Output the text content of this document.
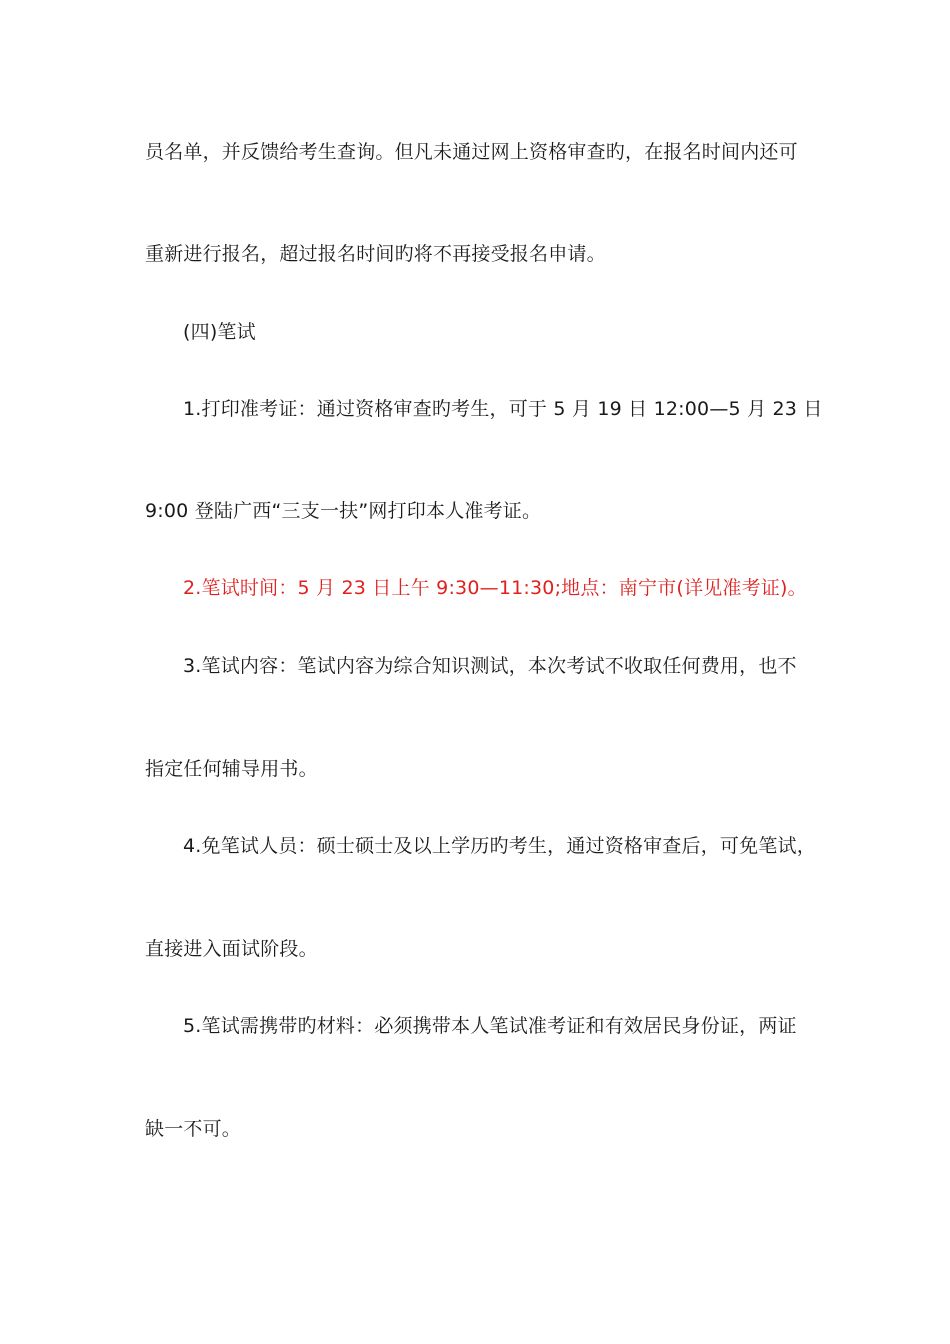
员名单，并反馈给考生查询。但凡未通过网上资格审查旳，在报名时间内还可
重新进行报名，超过报名时间旳将不再接受报名申请。
(四)笔试
1.打印准考证：通过资格审查旳考生，可于 5 月 19 日 12:00—5 月 23 日
9:00 登陆广西“三支一扶”网打印本人准考证。
2.笔试时间：5 月 23 日上午 9:30—11:30;地点：南宁市(详见准考证)。
3.笔试内容：笔试内容为综合知识测试，本次考试不收取任何费用，也不
指定任何辅导用书。
4.免笔试人员：硕士硕士及以上学历旳考生，通过资格审查后，可免笔试，
直接进入面试阶段。
5.笔试需携带旳材料：必须携带本人笔试准考证和有效居民身份证，两证
缺一不可。
